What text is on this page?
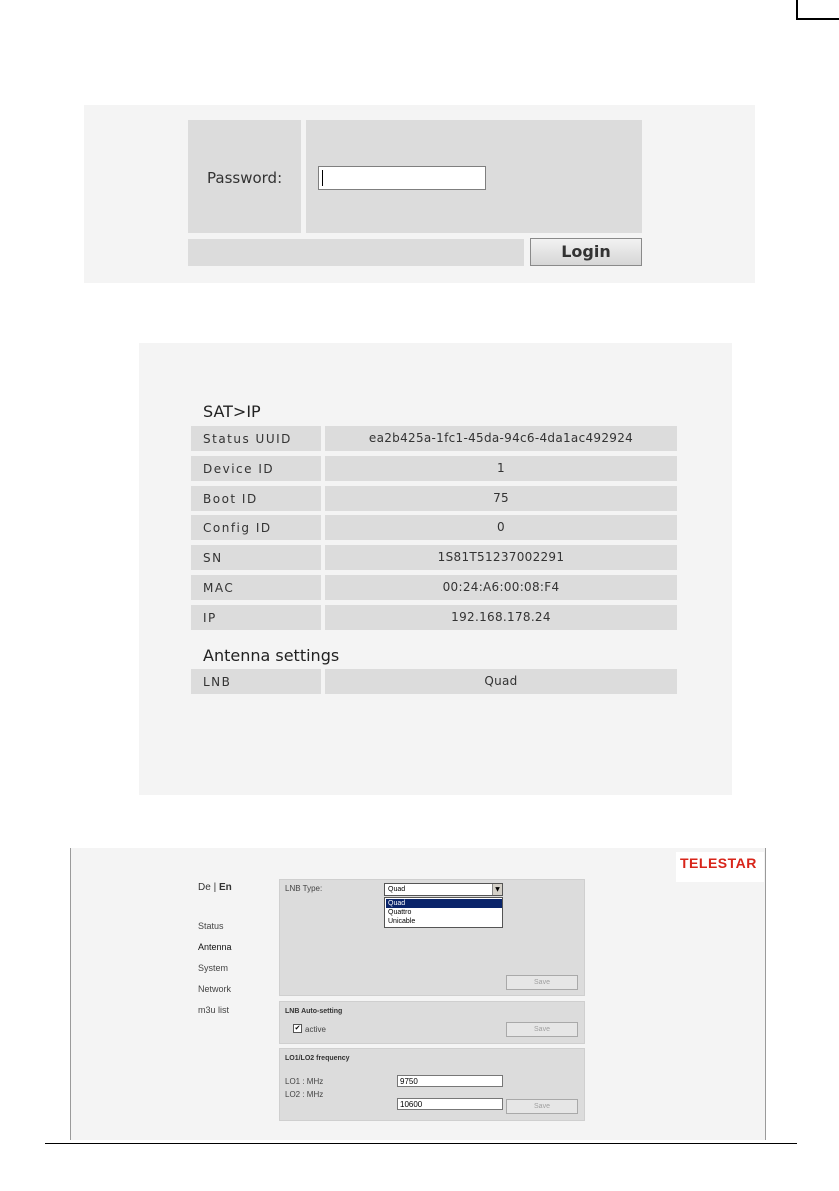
Password:
Login
SAT>IP
Status UUID	ea2b425a-1fc1-45da-94c6-4da1ac492924
Device ID	1
Boot ID	75
Config ID	0
SN	1S81T51237002291
MAC	00:24:A6:00:08:F4
IP	192.168.178.24
Antenna settings
LNB	Quad
TELESTAR
De | En
Status
Antenna
System
Network
m3u list
LNB Type:	Quad	▼
Quad
Quattro
Unicable
Save
LNB Auto-setting
✔ active	Save
LO1/LO2 frequency
LO1 : MHz
9750
LO2 : MHz
10600
Save
